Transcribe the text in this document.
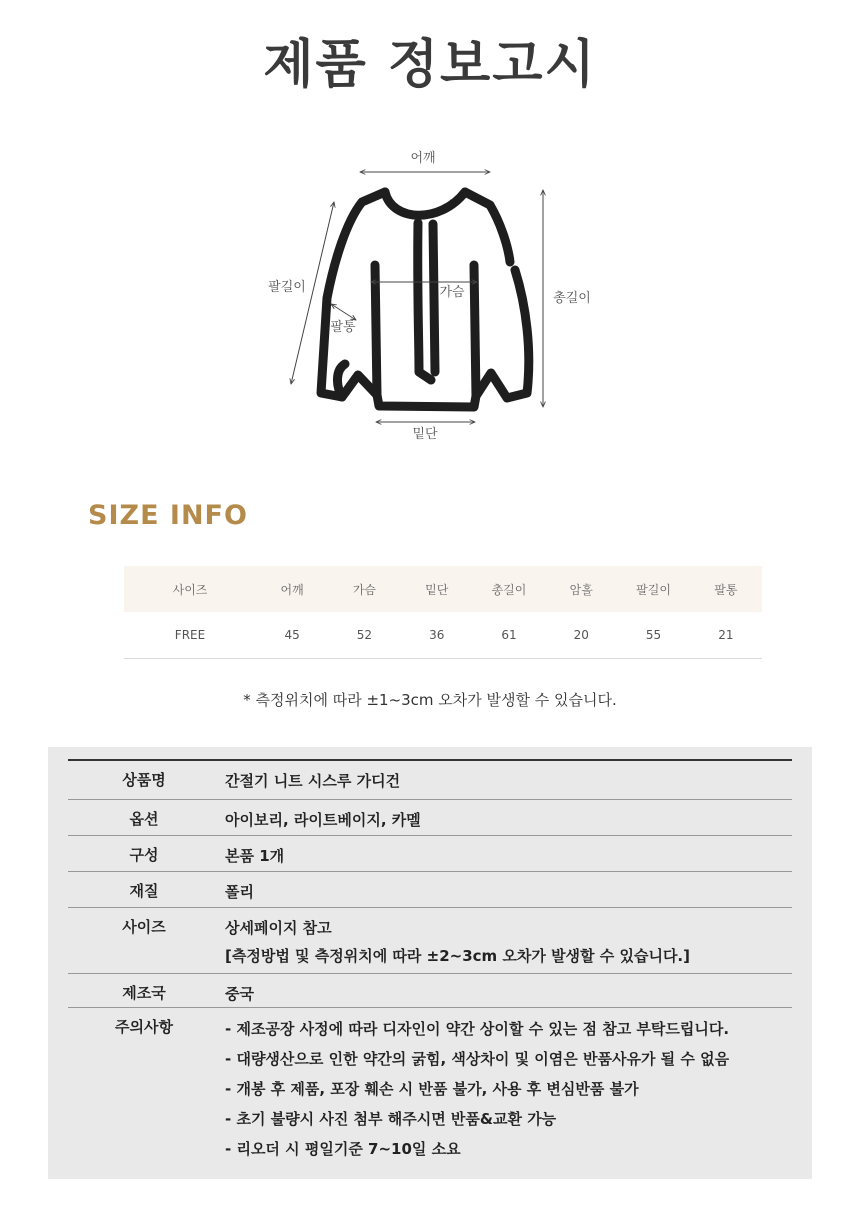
제품 정보고시
어깨
가슴
팔길이
팔통
총길이
밑단
SIZE INFO
사이즈	어깨	가슴	밑단	총길이	암홀	팔길이	팔통
FREE	45	52	36	61	20	55	21

* 측정위치에 따라 ±1~3cm 오차가 발생할 수 있습니다.

상품명	간절기 니트 시스루 가디건
옵션	아이보리, 라이트베이지, 카멜
구성	본품 1개
재질	폴리
사이즈	상세페이지 참고
[측정방법 및 측정위치에 따라 ±2~3cm 오차가 발생할 수 있습니다.]
제조국	중국
주의사항	- 제조공장 사정에 따라 디자인이 약간 상이할 수 있는 점 참고 부탁드립니다.
- 대량생산으로 인한 약간의 굵힘, 색상차이 및 이염은 반품사유가 될 수 없음
- 개봉 후 제품, 포장 훼손 시 반품 불가, 사용 후 변심반품 불가
- 초기 불량시 사진 첨부 해주시면 반품&교환 가능
- 리오더 시 평일기준 7~10일 소요
